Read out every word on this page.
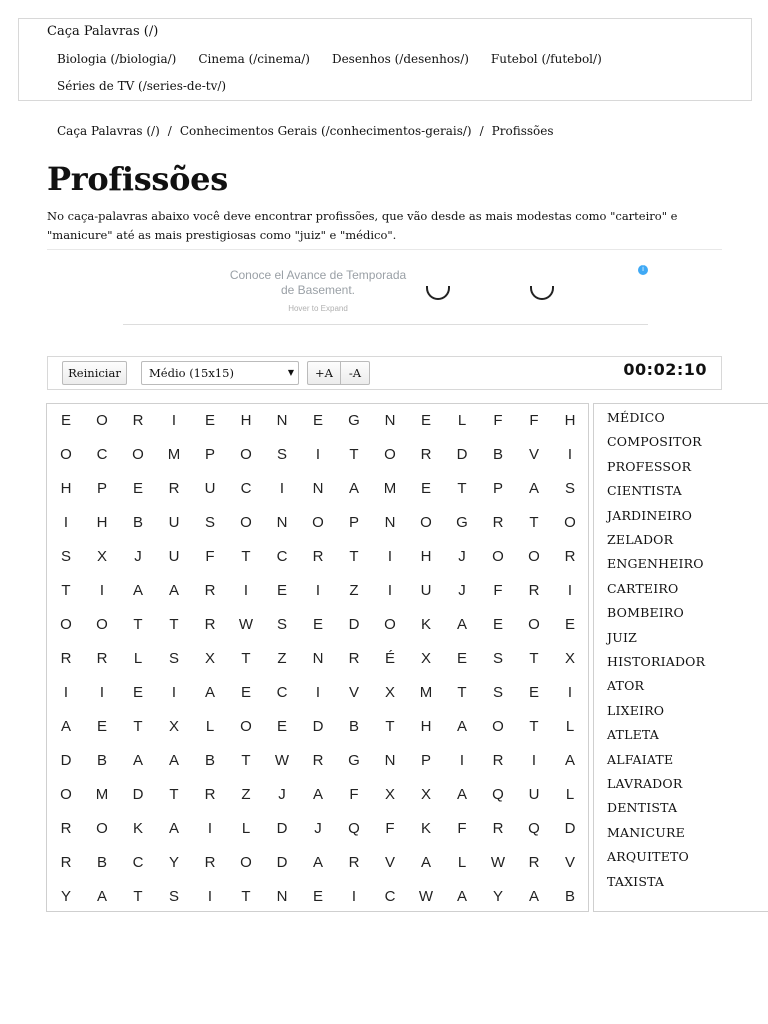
Caça Palavras (/)
Biologia (/biologia/) Cinema (/cinema/) Desenhos (/desenhos/) Futebol (/futebol/)
Séries de TV (/series-de-tv/)
Caça Palavras (/) / Conhecimentos Gerais (/conhecimentos-gerais/) / Profissões
Profissões

No caça-palavras abaixo você deve encontrar profissões, que vão desde as mais modestas como "carteiro" e "manicure" até as mais prestigiosas como "juiz" e "médico".

Conoce el Avance de Temporada de Basement.
Hover to Expand
i
Reiniciar	Médio (15x15)	▼	+A	-A	00:02:10
E	O	R	I	E	H	N	E	G	N	E	L	F	F	H
O	C	O	M	P	O	S	I	T	O	R	D	B	V	I
H	P	E	R	U	C	I	N	A	M	E	T	P	A	S
I	H	B	U	S	O	N	O	P	N	O	G	R	T	O
S	X	J	U	F	T	C	R	T	I	H	J	O	O	R
T	I	A	A	R	I	E	I	Z	I	U	J	F	R	I
O	O	T	T	R	W	S	E	D	O	K	A	E	O	E
R	R	L	S	X	T	Z	N	R	É	X	E	S	T	X
I	I	E	I	A	E	C	I	V	X	M	T	S	E	I
A	E	T	X	L	O	E	D	B	T	H	A	O	T	L
D	B	A	A	B	T	W	R	G	N	P	I	R	I	A
O	M	D	T	R	Z	J	A	F	X	X	A	Q	U	L
R	O	K	A	I	L	D	J	Q	F	K	F	R	Q	D
R	B	C	Y	R	O	D	A	R	V	A	L	W	R	V
Y	A	T	S	I	T	N	E	I	C	W	A	Y	A	B
MÉDICO
COMPOSITOR
PROFESSOR
CIENTISTA
JARDINEIRO
ZELADOR
ENGENHEIRO
CARTEIRO
BOMBEIRO
JUIZ
HISTORIADOR
ATOR
LIXEIRO
ATLETA
ALFAIATE
LAVRADOR
DENTISTA
MANICURE
ARQUITETO
TAXISTA
